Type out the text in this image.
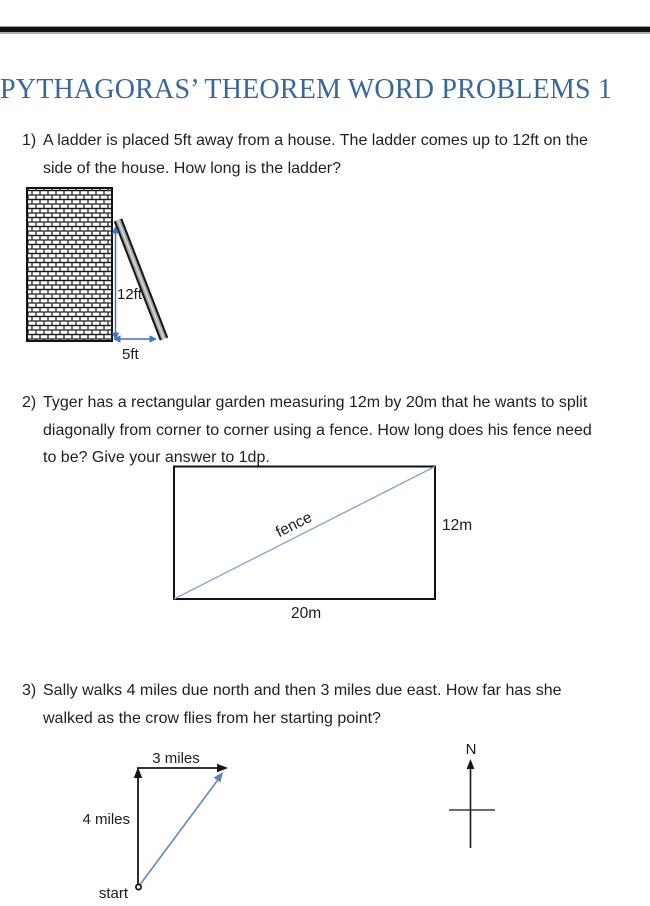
PYTHAGORAS’ THEOREM WORD PROBLEMS 1
1) A ladder is placed 5ft away from a house. The ladder comes up to 12ft on the
side of the house. How long is the ladder?
12ft
5ft
2) Tyger has a rectangular garden measuring 12m by 20m that he wants to split
diagonally from corner to corner using a fence. How long does his fence need
to be? Give your answer to 1dp.
fence	12m
20m
3) Sally walks 4 miles due north and then 3 miles due east. How far has she
walked as the crow flies from her starting point?
3 miles
4 miles
start
N
